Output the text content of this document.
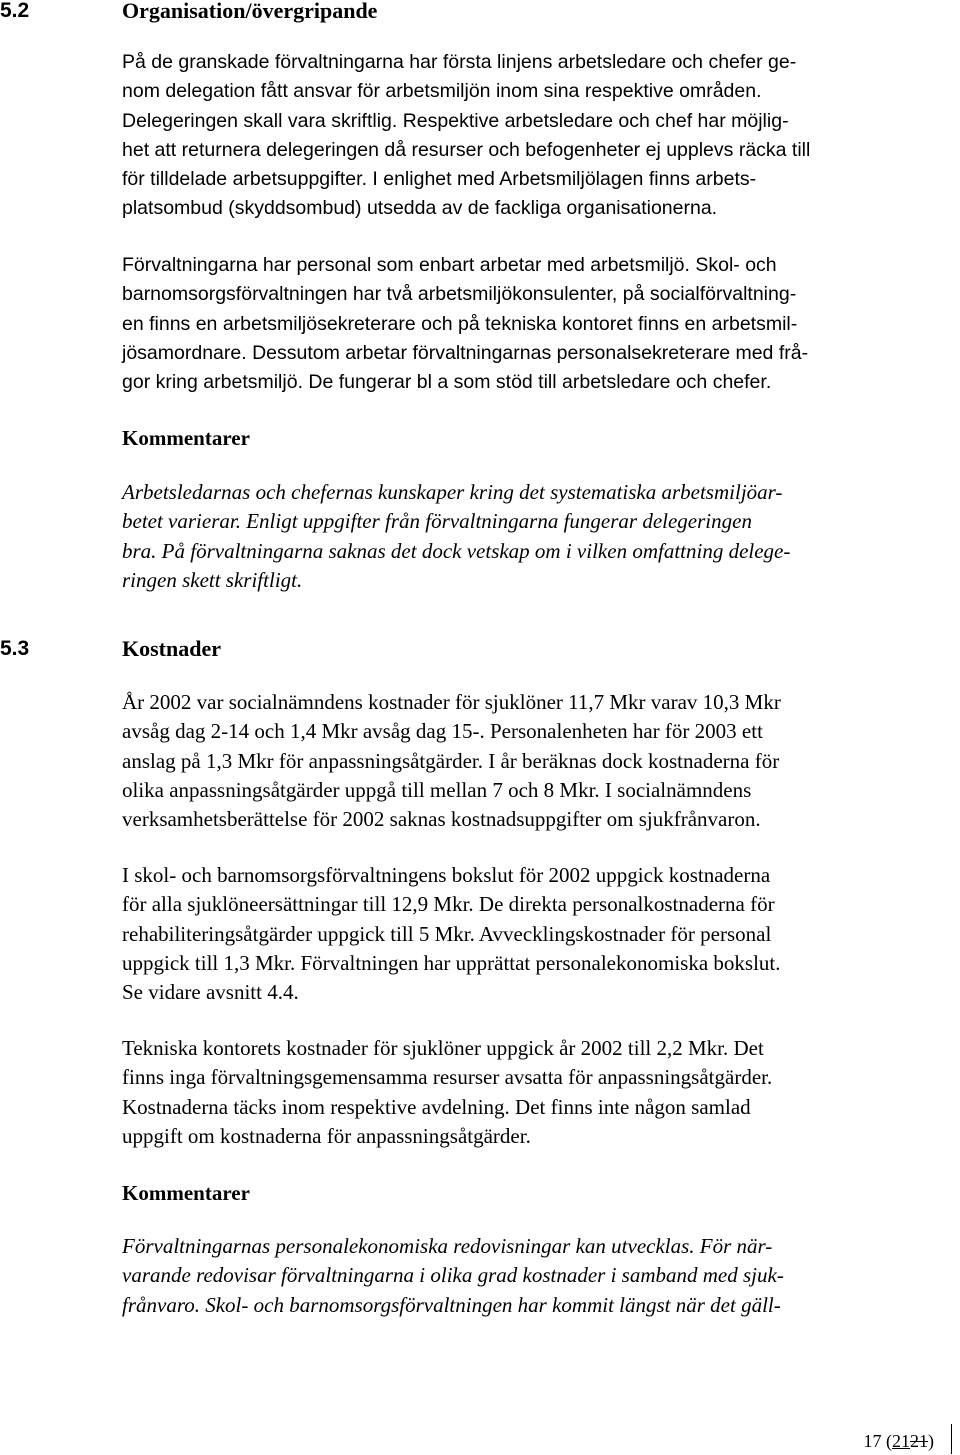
5.2	Organisation/övergripande
På de granskade förvaltningarna har första linjens arbetsledare och chefer ge-
nom delegation fått ansvar för arbetsmiljön inom sina respektive områden.
Delegeringen skall vara skriftlig. Respektive arbetsledare och chef har möjlig-
het att returnera delegeringen då resurser och befogenheter ej upplevs räcka till
för tilldelade arbetsuppgifter. I enlighet med Arbetsmiljölagen finns arbets-
platsombud (skyddsombud) utsedda av de fackliga organisationerna.
Förvaltningarna har personal som enbart arbetar med arbetsmiljö. Skol- och
barnomsorgsförvaltningen har två arbetsmiljökonsulenter, på socialförvaltning-
en finns en arbetsmiljösekreterare och på tekniska kontoret finns en arbetsmil-
jösamordnare. Dessutom arbetar förvaltningarnas personalsekreterare med frå-
gor kring arbetsmiljö. De fungerar bl a som stöd till arbetsledare och chefer.
Kommentarer
Arbetsledarnas och chefernas kunskaper kring det systematiska arbetsmiljöar-
betet varierar. Enligt uppgifter från förvaltningarna fungerar delegeringen
bra. På förvaltningarna saknas det dock vetskap om i vilken omfattning delege-
ringen skett skriftligt.
5.3	Kostnader
År 2002 var socialnämndens kostnader för sjuklöner 11,7 Mkr varav 10,3 Mkr
avsåg dag 2-14 och 1,4 Mkr avsåg dag 15-. Personalenheten har för 2003 ett
anslag på 1,3 Mkr för anpassningsåtgärder. I år beräknas dock kostnaderna för
olika anpassningsåtgärder uppgå till mellan 7 och 8 Mkr. I socialnämndens
verksamhetsberättelse för 2002 saknas kostnadsuppgifter om sjukfrånvaron.
I skol- och barnomsorgsförvaltningens bokslut för 2002 uppgick kostnaderna
för alla sjuklöneersättningar till 12,9 Mkr. De direkta personalkostnaderna för
rehabiliteringsåtgärder uppgick till 5 Mkr. Avvecklingskostnader för personal
uppgick till 1,3 Mkr. Förvaltningen har upprättat personalekonomiska bokslut.
Se vidare avsnitt 4.4.
Tekniska kontorets kostnader för sjuklöner uppgick år 2002 till 2,2 Mkr. Det
finns inga förvaltningsgemensamma resurser avsatta för anpassningsåtgärder.
Kostnaderna täcks inom respektive avdelning. Det finns inte någon samlad
uppgift om kostnaderna för anpassningsåtgärder.
Kommentarer
Förvaltningarnas personalekonomiska redovisningar kan utvecklas. För när-
varande redovisar förvaltningarna i olika grad kostnader i samband med sjuk-
frånvaro. Skol- och barnomsorgsförvaltningen har kommit längst när det gäll-
17 (2121)
